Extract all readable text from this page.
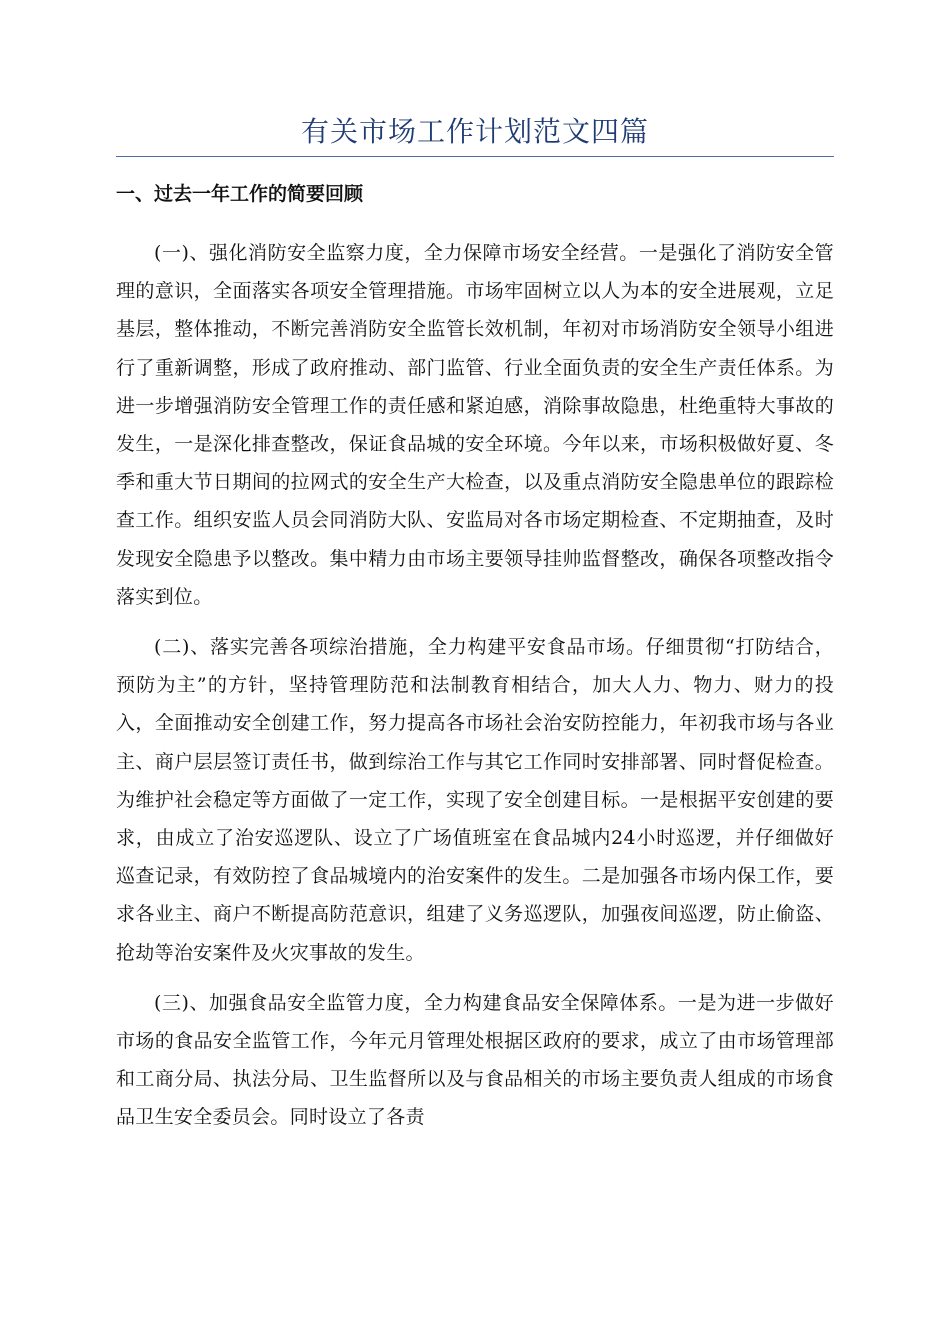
有关市场工作计划范文四篇
一、过去一年工作的简要回顾

(一)、强化消防安全监察力度，全力保障市场安全经营。一是强化了消防安全管理的意识，全面落实各项安全管理措施。市场牢固树立以人为本的安全进展观，立足基层，整体推动，不断完善消防安全监管长效机制，年初对市场消防安全领导小组进行了重新调整，形成了政府推动、部门监管、行业全面负责的安全生产责任体系。为进一步增强消防安全管理工作的责任感和紧迫感，消除事故隐患，杜绝重特大事故的发生，一是深化排查整改，保证食品城的安全环境。今年以来，市场积极做好夏、冬季和重大节日期间的拉网式的安全生产大检查，以及重点消防安全隐患单位的跟踪检查工作。组织安监人员会同消防大队、安监局对各市场定期检查、不定期抽查，及时发现安全隐患予以整改。集中精力由市场主要领导挂帅监督整改，确保各项整改指令落实到位。

(二)、落实完善各项综治措施，全力构建平安食品市场。仔细贯彻“打防结合，预防为主”的方针，坚持管理防范和法制教育相结合，加大人力、物力、财力的投入，全面推动安全创建工作，努力提高各市场社会治安防控能力，年初我市场与各业主、商户层层签订责任书，做到综治工作与其它工作同时安排部署、同时督促检查。为维护社会稳定等方面做了一定工作，实现了安全创建目标。一是根据平安创建的要求，由成立了治安巡逻队、设立了广场值班室在食品城内24小时巡逻，并仔细做好巡查记录，有效防控了食品城境内的治安案件的发生。二是加强各市场内保工作，要求各业主、商户不断提高防范意识，组建了义务巡逻队，加强夜间巡逻，防止偷盗、抢劫等治安案件及火灾事故的发生。

(三)、加强食品安全监管力度，全力构建食品安全保障体系。一是为进一步做好市场的食品安全监管工作，今年元月管理处根据区政府的要求，成立了由市场管理部和工商分局、执法分局、卫生监督所以及与食品相关的市场主要负责人组成的市场食品卫生安全委员会。同时设立了各责
